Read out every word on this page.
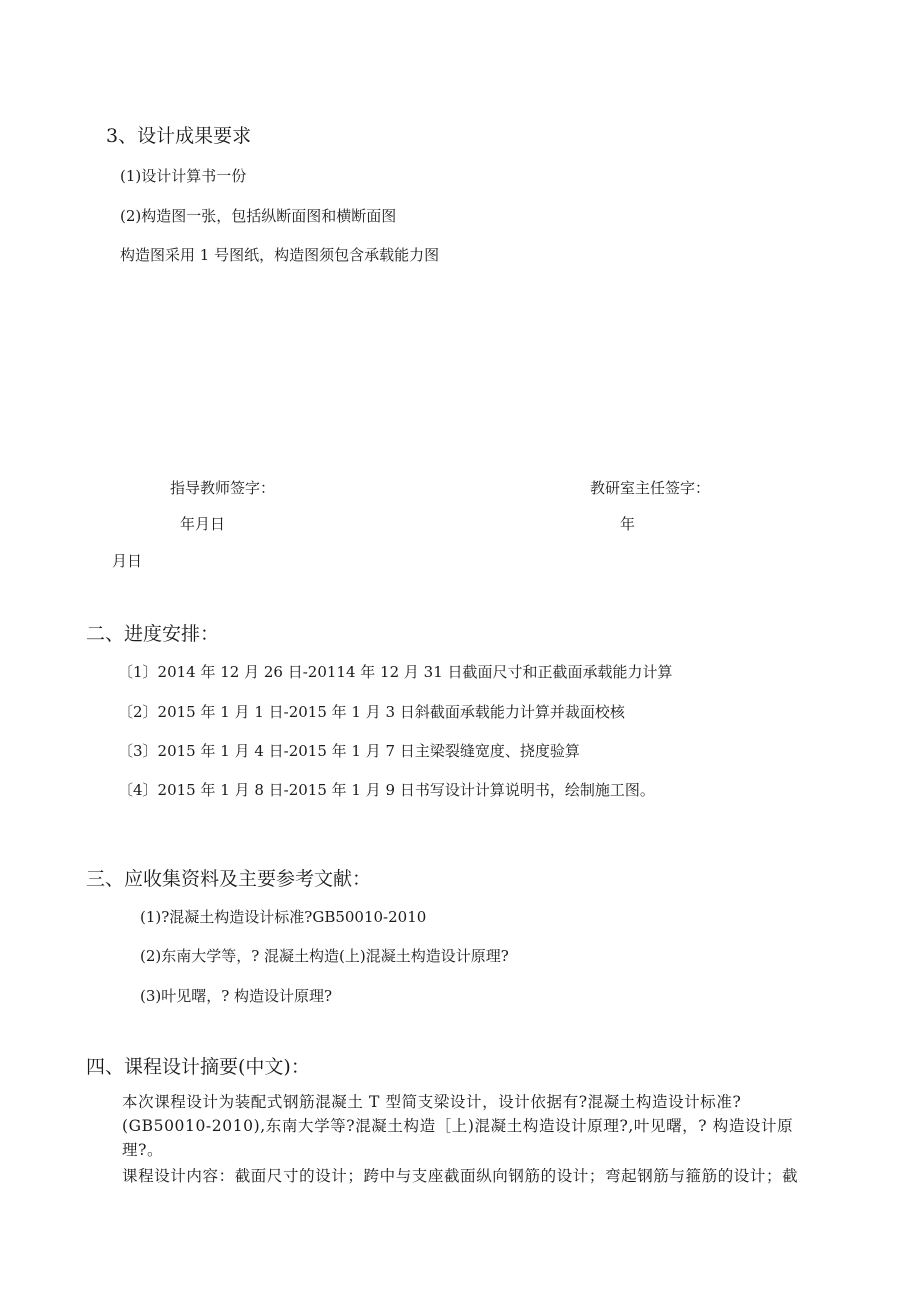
3、设计成果要求
(1)设计计算书一份
(2)构造图一张，包括纵断面图和横断面图
构造图采用 1 号图纸，构造图须包含承载能力图
指导教师签字：	教研室主任签字：
年月日	年
月日
二、进度安排：
〔1〕2014 年 12 月 26 日-20114 年 12 月 31 日截面尺寸和正截面承载能力计算
〔2〕2015 年 1 月 1 日-2015 年 1 月 3 日斜截面承载能力计算并裁面校核
〔3〕2015 年 1 月 4 日-2015 年 1 月 7 日主梁裂缝宽度、挠度验算
〔4〕2015 年 1 月 8 日-2015 年 1 月 9 日书写设计计算说明书，绘制施工图。
三、应收集资料及主要参考文献：
(1)?混凝土构造设计标准?GB50010-2010
(2)东南大学等，? 混凝土构造(上)混凝土构造设计原理?
(3)叶见曙，? 构造设计原理?
四、课程设计摘要(中文)：
本次课程设计为装配式钢筋混凝土 T 型简支梁设计，设计依据有?混凝土构造设计标准?
(GB50010-2010),东南大学等?混凝土构造［上)混凝土构造设计原理?,叶见曙，? 构造设计原
理?。
课程设计内容：截面尺寸的设计；跨中与支座截面纵向钢筋的设计；弯起钢筋与箍筋的设计；截
